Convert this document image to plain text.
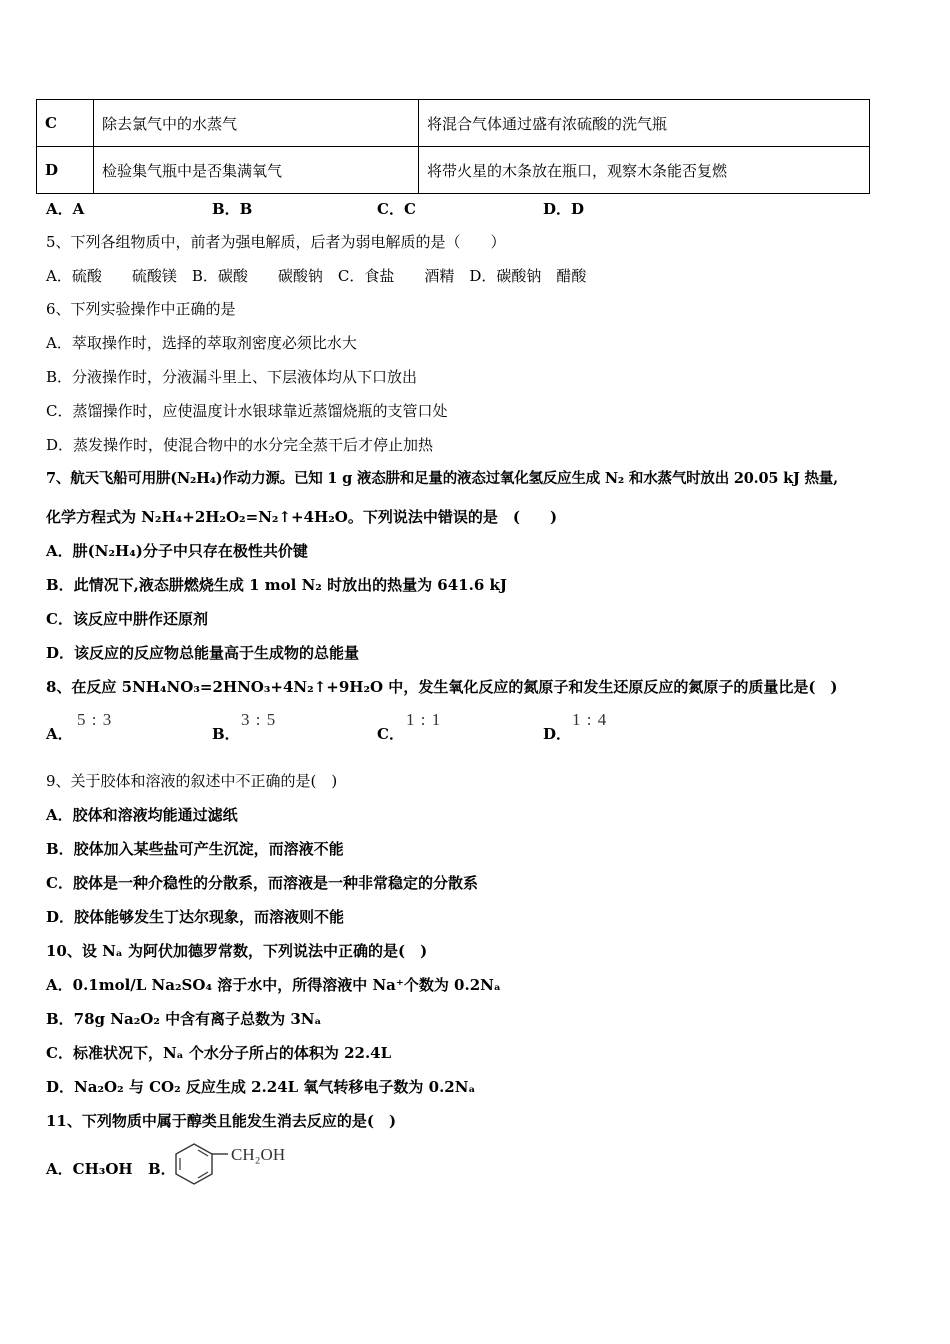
C	除去氯气中的水蒸气	将混合气体通过盛有浓硫酸的洗气瓶
D	检验集气瓶中是否集满氧气	将带火星的木条放在瓶口，观察木条能否复燃
A．A	B．B	C．C	D．D
5、下列各组物质中，前者为强电解质，后者为弱电解质的是（　　）
A．硫酸　　硫酸镁　B．碳酸　　碳酸钠　C．食盐　　酒精　D．碳酸钠　醋酸
6、下列实验操作中正确的是
A．萃取操作时，选择的萃取剂密度必须比水大
B．分液操作时，分液漏斗里上、下层液体均从下口放出
C．蒸馏操作时，应使温度计水银球靠近蒸馏烧瓶的支管口处
D．蒸发操作时，使混合物中的水分完全蒸干后才停止加热
7、航天飞船可用肼(N₂H₄)作动力源。已知 1 g 液态肼和足量的液态过氧化氢反应生成 N₂ 和水蒸气时放出 20.05 kJ 热量,
化学方程式为 N₂H₄+2H₂O₂=N₂↑+4H₂O。下列说法中错误的是　(　　)
A．肼(N₂H₄)分子中只存在极性共价键
B．此情况下,液态肼燃烧生成 1 mol N₂ 时放出的热量为 641.6 kJ
C．该反应中肼作还原剂
D．该反应的反应物总能量高于生成物的总能量
8、在反应 5NH₄NO₃=2HNO₃+4N₂↑+9H₂O 中，发生氧化反应的氮原子和发生还原反应的氮原子的质量比是(　)
A．
5 : 3
B．
3 : 5
C．
1 : 1
D．
1 : 4
9、关于胶体和溶液的叙述中不正确的是(　)
A．胶体和溶液均能通过滤纸
B．胶体加入某些盐可产生沉淀，而溶液不能
C．胶体是一种介稳性的分散系，而溶液是一种非常稳定的分散系
D．胶体能够发生丁达尔现象，而溶液则不能
10、设 Nₐ 为阿伏加德罗常数，下列说法中正确的是(　)
A．0.1mol/L Na₂SO₄ 溶于水中，所得溶液中 Na⁺个数为 0.2Nₐ
B．78g Na₂O₂ 中含有离子总数为 3Nₐ
C．标准状况下，Nₐ 个水分子所占的体积为 22.4L
D．Na₂O₂ 与 CO₂ 反应生成 2.24L 氧气转移电子数为 0.2Nₐ
11、下列物质中属于醇类且能发生消去反应的是(　)
A．CH₃OH B．
CH₂OH
